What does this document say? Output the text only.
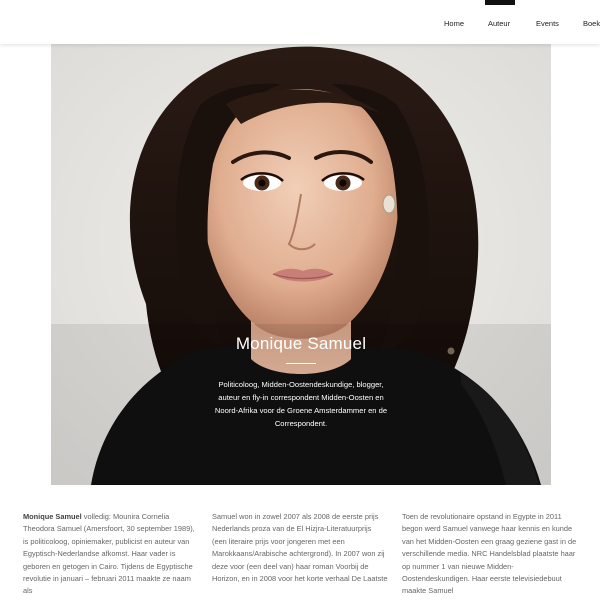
Home	Auteur	Events	Boek
Monique Samuel
Politicoloog, Midden-Oostendeskundige, blogger, auteur en fly-in correspondent Midden-Oosten en Noord-Afrika voor de Groene Amsterdammer en de Correspondent.
Monique Samuel volledig: Mounira Cornelia Theodora Samuel (Amersfoort, 30 september 1989), is politicoloog, opiniemaker, publicist en auteur van Egyptisch-Nederlandse afkomst. Haar vader is geboren en getogen in Cairo. Tijdens de Egyptische revolutie in januari – februari 2011 maakte ze naam als
Samuel won in zowel 2007 als 2008 de eerste prijs Nederlands proza van de El Hizjra-Literatuurprijs (een literaire prijs voor jongeren met een Marokkaans/Arabische achtergrond). In 2007 won zij deze voor (een deel van) haar roman Voorbij de Horizon, en in 2008 voor het korte verhaal De Laatste
Toen de revolutionaire opstand in Egypte in 2011 begon werd Samuel vanwege haar kennis en kunde van het Midden-Oosten een graag geziene gast in de verschillende media. NRC Handelsblad plaatste haar op nummer 1 van nieuwe Midden-Oostendeskundigen. Haar eerste televisiedebuut maakte Samuel
